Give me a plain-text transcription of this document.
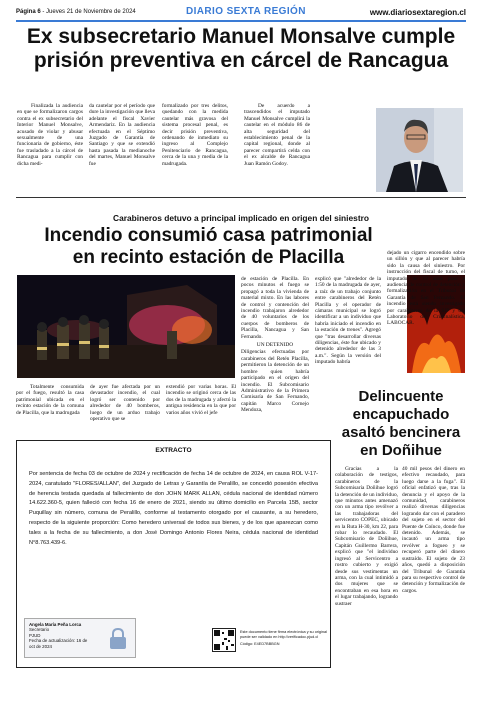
Página 6 - Jueves 21 de Noviembre de 2024	DIARIO SEXTA REGIÓN	www.diariosextaregion.cl
Ex subsecretario Manuel Monsalve cumple
prisión preventiva en cárcel de Rancagua
Finalizada la audiencia en que se formalizaron cargos contra el ex subsecretario del Interior Manuel Monsalve, acusado de violar y abusar sexualmente de una funcionaria de gobierno, éste fue trasladado a la cárcel de Rancagua para cumplir con dicha medi-
da cautelar por el período que dure la investigación que lleva adelante el fiscal Xavier Armendariz. En la audiencia efectuada en el Séptimo Juzgado de Garantía de Santiago y que se extendió hasta pasada la medianoche del martes, Manuel Monsalve fue
formalizado por tres delitos, quedando con la medida cautelar más gravosa del sistema procesal penal, es decir prisión preventiva, ordenando de inmediato su ingreso al Complejo Penitenciario de Rancagua, cerca de la una y media de la madrugada.
De acuerdo a trascendidos el imputado Manuel Monsalve cumplirá la cautelar en el módulo 86 de alta seguridad del establecimiento penal de la capital regional, donde al parecer compartirá celda con el ex alcalde de Rancagua Juan Ramón Godoy.
Carabineros detuvo a principal implicado en origen del siniestro
Incendio consumió casa patrimonial
en recinto estación de Placilla
de estación de Placilla. En pocos minutos el fuego se propagó a toda la vivienda de material mixto. En las labores de control y contención del incendio trabajaron alrededor de 40 voluntarios de los cuerpos de bomberos de Placilla, Nancagua y San Fernando.
UN DETENIDO
Diligencias efectuadas por carabineros del Retén Placilla, permitieron la detención de un hombre quien habría participado en el origen del incendio. El Subcomisario Administrativo de la Primera Comisaría de San Fernando, capitán Marco Cornejo Mendoza,
explicó que "alrededor de la 1:50 de la madrugada de ayer, a raíz de un trabajo conjunto entre carabineros del Retén Placilla y el operador de cámaras municipal se logró identificar a un individuo que habría iniciado el incendio en la estación de trenes". Agregó que "tras desarrollar diversas diligencias, éste fue ubicado y detenido alrededor de las 3 a.m.". Según la versión del imputado habría
Totalmente consumida por el fuego, resultó la casa patrimonial ubicada en el recinto estación de la comuna de Placilla, que la madrugada
de ayer fue afectada por un devastador incendio, el cual logró ser contenido por alrededor de 40 bomberos, luego de un arduo trabajo operativo que se
extendió por varias horas. El incendio se originó cerca de las dos de la madrugada y afectó la antigua residencia en la que por varios años vivió el jefe
Delincuente
encapuchado
asaltó bencinera
en Doñihue
Gracias a la colaboración de testigos, carabineros de la Subcomisaría Doñihue logró la detención de un individuo, que minutos antes amenazó con un arma tipo revólver a las trabajadoras del servicentro COPEC, ubicado en la Ruta H-30, km 22, para robar lo recaudado. El Subcomisario de Doñihue, Capitán Guillermo Barrera, explicó que "el individuo ingresó al Servicentro a rostro cubierto y exigió desde sus vestimentas un arma, con la cual intimidó a dos mujeres que se encontraban en esa hora en el lugar trabajando, logrando sustraer
40 mil pesos del dinero en efectivo recaudado, para luego darse a la fuga". El oficial enfatizó que, tras la denuncia y el apoyo de la comunidad, carabineros realizó diversas diligencias logrando dar con el paradero del sujeto en el sector del Puente de Coínco, donde fue detenido. Además, se incautó un arma tipo revólver a fogueo y se recuperó parte del dinero sustraído. El sujeto de 23 años, quedó a disposición del Tribunal de Garantía para su respectivo control de detención y formalización de cargos.
EXTRACTO
Por sentencia de fecha 03 de octubre de 2024 y rectificación de fecha 14 de octubre de 2024, en causa ROL V-17-2024, caratulado "FLORES/ALLAN", del Juzgado de Letras y Garantía de Peralillo, se concedió posesión efectiva de herencia testada quedada al fallecimiento de don JOHN MARK ALLAN, cédula nacional de identidad número 14.622.360-5, quien falleció con fecha 16 de enero de 2021, siendo su último domicilio en Parcela 15B, sector Puquillay sin número, comuna de Peralillo, conforme al testamento otorgado por el causante, a su heredero, respecto de la siguiente proporción: Como heredero universal de todos sus bienes, y de los que aparezcan como tales a la fecha de su fallecimiento, a don José Domingo Antonio Flores Neira, cédula nacional de identidad N°8.763.439-6.
Angela María Peña Lorca
Secretario
PJUD
Fecha de actualización: 16 de oct de 2024
Este documento tiene firma electrónica y su original puede ser validado en http://verificadoc.pjud.cl
Código: E4ED7BBBGN
dejado un cigarro encendido sobre un sillón y que al parecer habría sido la causa del siniestro. Por instrucción del fiscal de turno, el imputado de 19 años pasó a audiencia de control de detención y formalización en el Tribunal de Garantía de San Fernando. El incendio está siendo investigado por carabineros de la SIP y del Laboratorio de Criminalística, LABOCAR.
